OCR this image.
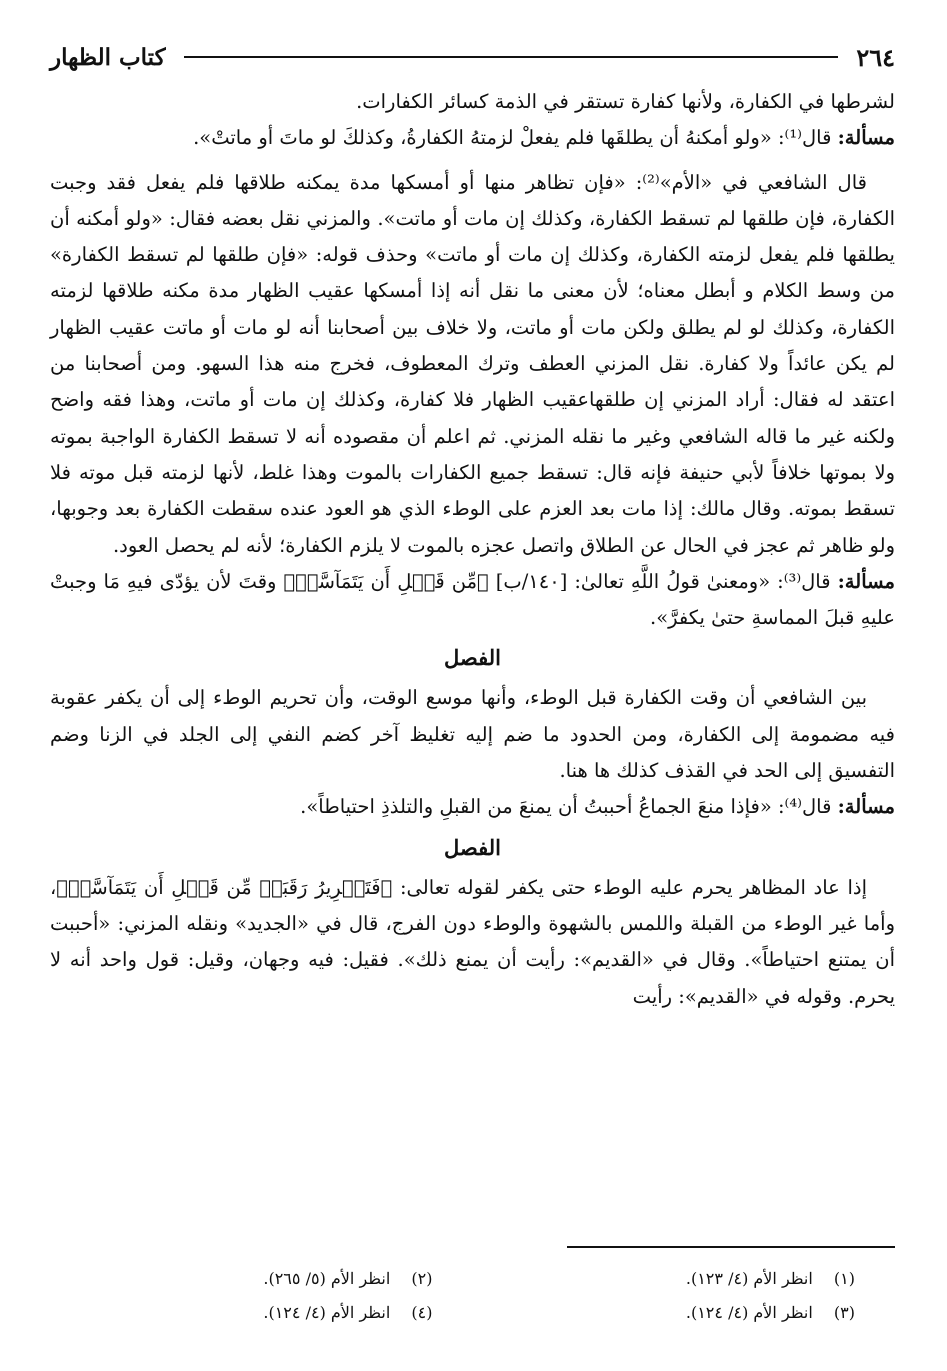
٢٦٤
كتاب الظهار

لشرطها في الكفارة، ولأنها كفارة تستقر في الذمة كسائر الكفارات.

مسألة: قال⁽¹⁾: «ولو أمكنهُ أن يطلقَها فلم يفعلْ لزمتهُ الكفارةُ، وكذلكَ لو ماتَ أو ماتتْ».

قال الشافعي في «الأم»⁽²⁾: «فإن تظاهر منها أو أمسكها مدة يمكنه طلاقها فلم يفعل فقد وجبت الكفارة، فإن طلقها لم تسقط الكفارة، وكذلك إن مات أو ماتت». والمزني نقل بعضه فقال: «ولو أمكنه أن يطلقها فلم يفعل لزمته الكفارة، وكذلك إن مات أو ماتت» وحذف قوله: «فإن طلقها لم تسقط الكفارة» من وسط الكلام و أبطل معناه؛ لأن معنى ما نقل أنه إذا أمسكها عقيب الظهار مدة مكنه طلاقها لزمته الكفارة، وكذلك لو لم يطلق ولكن مات أو ماتت، ولا خلاف بين أصحابنا أنه لو مات أو ماتت عقيب الظهار لم يكن عائداً ولا كفارة. نقل المزني العطف وترك المعطوف، فخرج منه هذا السهو. ومن أصحابنا من اعتقد له فقال: أراد المزني إن طلقهاعقيب الظهار فلا كفارة، وكذلك إن مات أو ماتت، وهذا فقه واضح ولكنه غير ما قاله الشافعي وغير ما نقله المزني. ثم اعلم أن مقصوده أنه لا تسقط الكفارة الواجبة بموته ولا بموتها خلافاً لأبي حنيفة فإنه قال: تسقط جميع الكفارات بالموت وهذا غلط، لأنها لزمته قبل موته فلا تسقط بموته. وقال مالك: إذا مات بعد العزم على الوطء الذي هو العود عنده سقطت الكفارة بعد وجوبها، ولو ظاهر ثم عجز في الحال عن الطلاق واتصل عجزه بالموت لا يلزم الكفارة؛ لأنه لم يحصل العود.

مسألة: قال⁽³⁾: «ومعنىٰ قولُ اللَّهِ تعالىٰ: [١٤٠/ب] ﴿مِّن قَبۡلِ أَن يَتَمَآسَّاۚ﴾ وقتَ لأن يؤدّى فيهِ مَا وجبتْ عليهِ قبلَ المماسةِ حتىٰ يكفرَّ».

الفصل

بين الشافعي أن وقت الكفارة قبل الوطء، وأنها موسع الوقت، وأن تحريم الوطء إلى أن يكفر عقوبة فيه مضمومة إلى الكفارة، ومن الحدود ما ضم إليه تغليظ آخر كضم النفي إلى الجلد في الزنا وضم التفسيق إلى الحد في القذف كذلك ها هنا.

مسألة: قال⁽⁴⁾: «فإذا منعَ الجماعُ أحببتُ أن يمنعَ من القبلِ والتلذذِ احتياطاً».

الفصل

إذا عاد المظاهر يحرم عليه الوطء حتى يكفر لقوله تعالى: ﴿فَتَحۡرِيرُ رَقَبَةٖ مِّن قَبۡلِ أَن يَتَمَآسَّاۚ﴾، وأما غير الوطء من القبلة واللمس بالشهوة والوطء دون الفرج، قال في «الجديد» ونقله المزني: «أحببت أن يمتنع احتياطاً». وقال في «القديم»: رأيت أن يمنع ذلك». فقيل: فيه وجهان، وقيل: قول واحد أنه لا يحرم. وقوله في «القديم»: رأيت

(١) انظر الأم (٤/ ١٢٣).
(٢) انظر الأم (٥/ ٢٦٥).
(٣) انظر الأم (٤/ ١٢٤).
(٤) انظر الأم (٤/ ١٢٤).
